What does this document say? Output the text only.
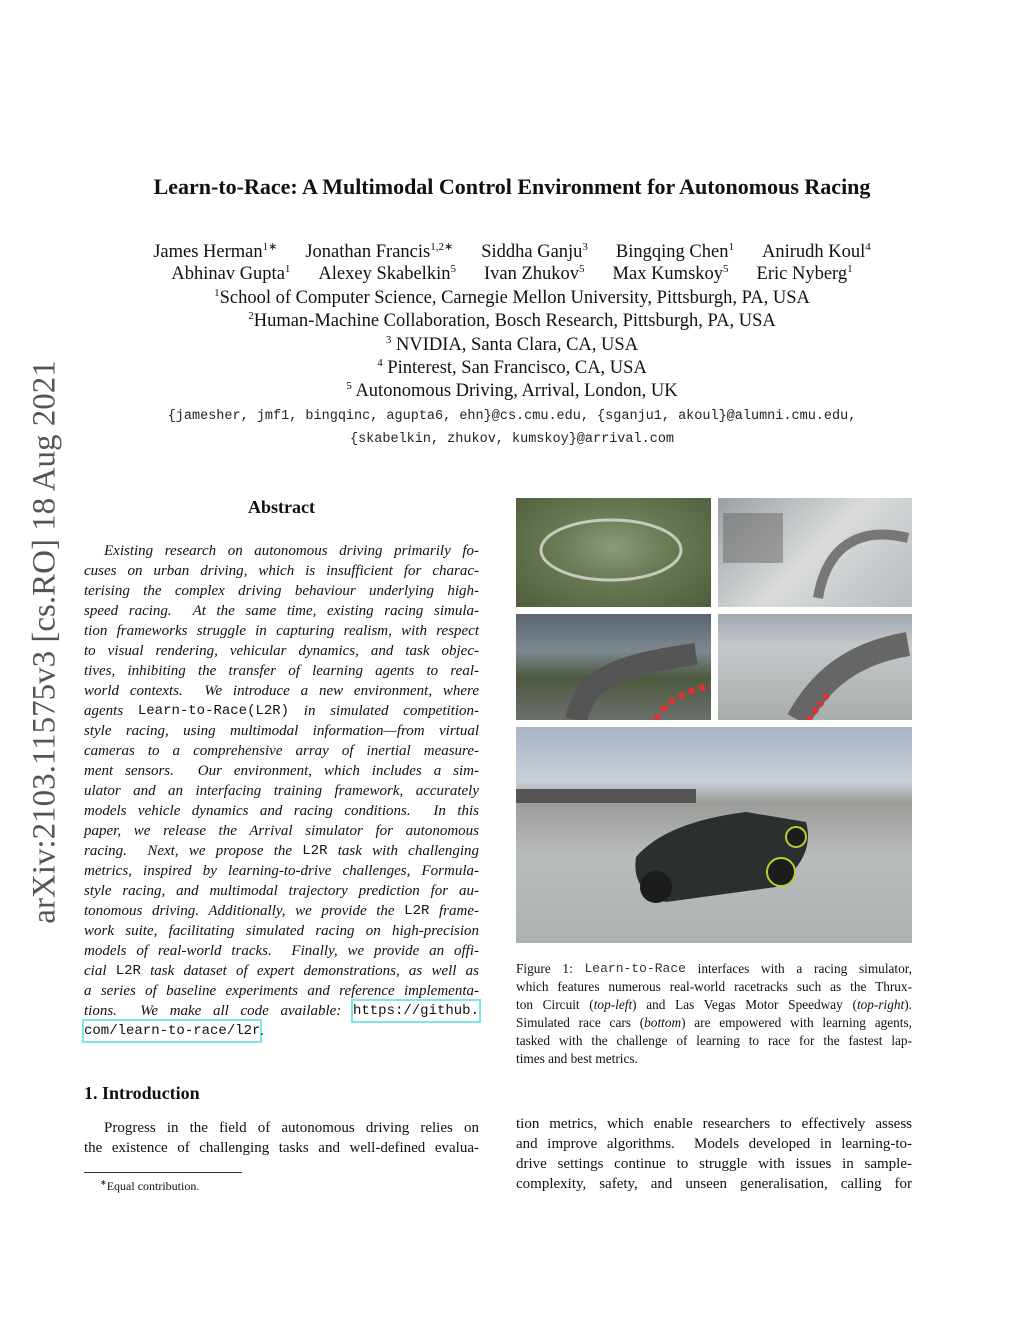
arXiv:2103.11575v3 [cs.RO] 18 Aug 2021
Learn-to-Race: A Multimodal Control Environment for Autonomous Racing
James Herman$^{1∗}$ Jonathan Francis$^{1,2∗}$ Siddha Ganju$^3$ Bingqing Chen$^1$ Anirudh Koul$^4$
Abhinav Gupta$^1$ Alexey Skabelkin$^5$ Ivan Zhukov$^5$ Max Kumskoy$^5$ Eric Nyberg$^1$
$^1$School of Computer Science, Carnegie Mellon University, Pittsburgh, PA, USA
$^2$Human-Machine Collaboration, Bosch Research, Pittsburgh, PA, USA
$^3$ NVIDIA, Santa Clara, CA, USA
$^4$ Pinterest, San Francisco, CA, USA
$^5$ Autonomous Driving, Arrival, London, UK
{jamesher, jmf1, bingqinc, agupta6, ehn}@cs.cmu.edu, {sganju1, akoul}@alumni.cmu.edu,
{skabelkin, zhukov, kumskoy}@arrival.com
Abstract
Existing research on autonomous driving primarily fo-
cuses on urban driving, which is insufficient for charac-
terising the complex driving behaviour underlying high-
speed racing.  At the same time, existing racing simula-
tion frameworks struggle in capturing realism, with respect
to visual rendering, vehicular dynamics, and task objec-
tives, inhibiting the transfer of learning agents to real-
world contexts.  We introduce a new environment, where
agents Learn-to-Race(L2R) in simulated competition-
style racing, using multimodal information—from virtual
cameras to a comprehensive array of inertial measure-
ment sensors.  Our environment, which includes a sim-
ulator and an interfacing training framework, accurately
models vehicle dynamics and racing conditions.  In this
paper, we release the Arrival simulator for autonomous
racing.  Next, we propose the L2R task with challenging
metrics, inspired by learning-to-drive challenges, Formula-
style racing, and multimodal trajectory prediction for au-
tonomous driving. Additionally, we provide the L2R frame-
work suite, facilitating simulated racing on high-precision
models of real-world tracks.  Finally, we provide an offi-
cial L2R task dataset of expert demonstrations, as well as
a series of baseline experiments and reference implementa-
tions.  We make all code available: https://github.
com/learn-to-race/l2r .
Figure 1: Learn-to-Race interfaces with a racing simulator,
which features numerous real-world racetracks such as the Thrux-
ton Circuit ( top-left ) and Las Vegas Motor Speedway ( top-right ).
Simulated race cars ( bottom ) are empowered with learning agents,
tasked with the challenge of learning to race for the fastest lap-
times and best metrics.
1. Introduction
Progress in the field of autonomous driving relies on
the existence of challenging tasks and well-defined evalua-
tion metrics, which enable researchers to effectively assess
and improve algorithms.  Models developed in learning-to-
drive settings continue to struggle with issues in sample-
complexity, safety, and unseen generalisation, calling for
∗Equal contribution.
